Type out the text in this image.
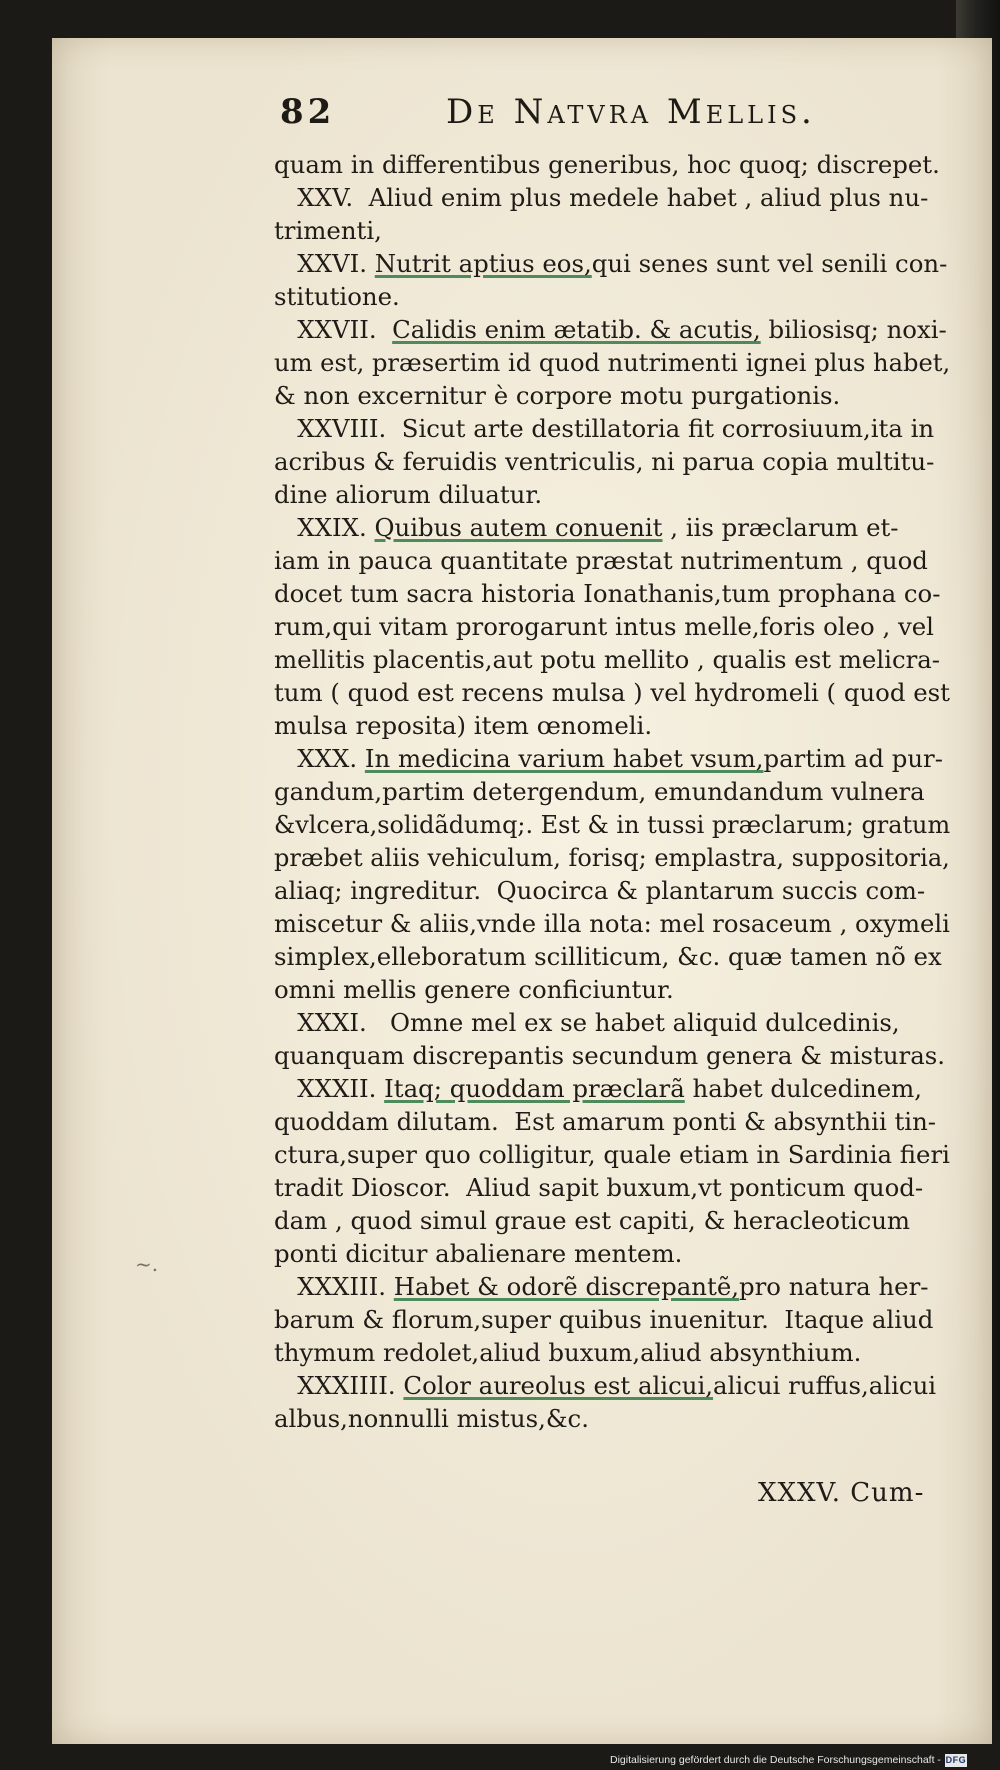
~.
82	De Natvra Mellis.
quam in differentibus generibus, hoc quoq; discrepet.
XXV.  Aliud enim plus medele habet , aliud plus nu-
trimenti,
XXVI. Nutrit aptius eos,qui senes sunt vel senili con-
stitutione.
XXVII.  Calidis enim ætatib. & acutis, biliosisq; noxi-
um est, præsertim id quod nutrimenti ignei plus habet,
& non excernitur è corpore motu purgationis.
XXVIII.  Sicut arte destillatoria fit corrosiuum,ita in
acribus & feruidis ventriculis, ni parua copia multitu-
dine aliorum diluatur.
XXIX. Quibus autem conuenit , iis præclarum et-
iam in pauca quantitate præstat nutrimentum , quod
docet tum sacra historia Ionathanis,tum prophana co-
rum,qui vitam prorogarunt intus melle,foris oleo , vel
mellitis placentis,aut potu mellito , qualis est melicra-
tum ( quod est recens mulsa ) vel hydromeli ( quod est
mulsa reposita) item œnomeli.
XXX. In medicina varium habet vsum,partim ad pur-
gandum,partim detergendum, emundandum vulnera
&vlcera,solidãdumq;. Est & in tussi præclarum; gratum
præbet aliis vehiculum, forisq; emplastra, suppositoria,
aliaq; ingreditur.  Quocirca & plantarum succis com-
miscetur & aliis,vnde illa nota: mel rosaceum , oxymeli
simplex,elleboratum scilliticum, &c. quæ tamen nõ ex
omni mellis genere conficiuntur.
XXXI.   Omne mel ex se habet aliquid dulcedinis,
quanquam discrepantis secundum genera & misturas.
XXXII. Itaq; quoddam præclarã habet dulcedinem,
quoddam dilutam.  Est amarum ponti & absynthii tin-
ctura,super quo colligitur, quale etiam in Sardinia fieri
tradit Dioscor.  Aliud sapit buxum,vt ponticum quod-
dam , quod simul graue est capiti, & heracleoticum
ponti dicitur abalienare mentem.
XXXIII. Habet & odorẽ discrepantẽ,pro natura her-
barum & florum,super quibus inuenitur.  Itaque aliud
thymum redolet,aliud buxum,aliud absynthium.
XXXIIII. Color aureolus est alicui,alicui ruffus,alicui
albus,nonnulli mistus,&c.
XXXV. Cum-
Digitalisierung gefördert durch die Deutsche Forschungsgemeinschaft - DFG
